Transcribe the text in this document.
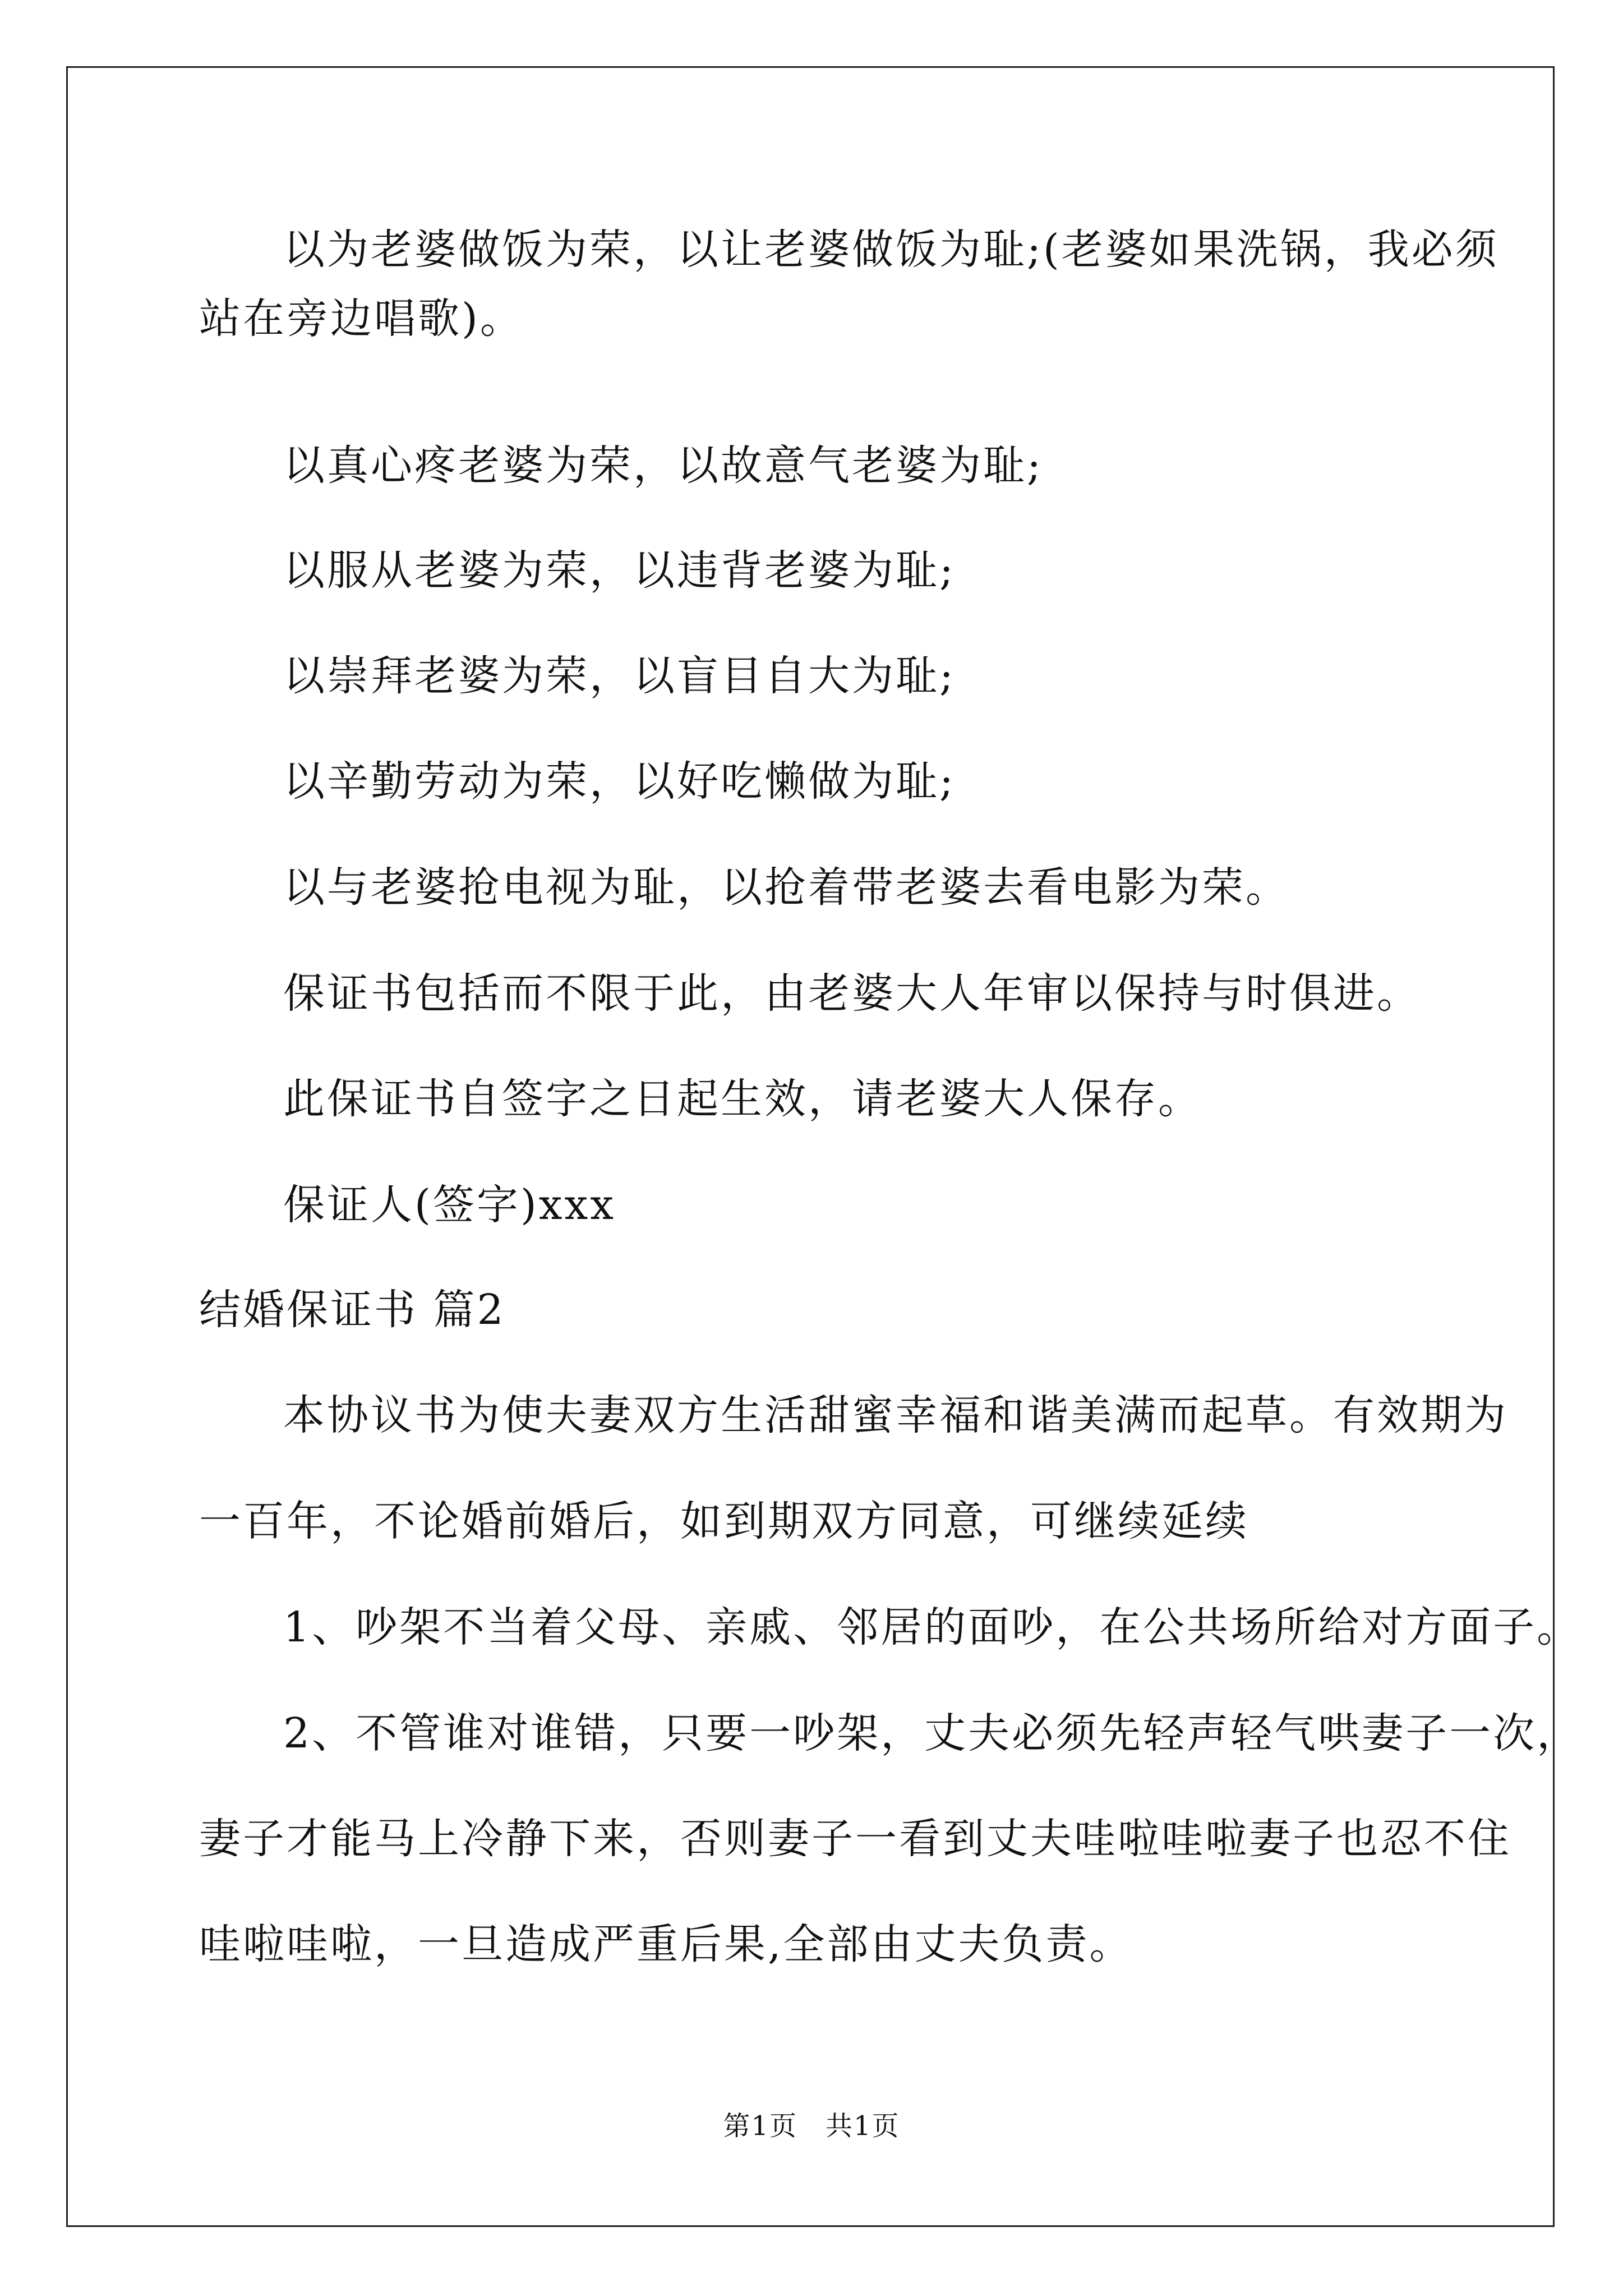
以为老婆做饭为荣，以让老婆做饭为耻;(老婆如果洗锅，我必须
站在旁边唱歌)。
以真心疼老婆为荣，以故意气老婆为耻;
以服从老婆为荣，以违背老婆为耻;
以崇拜老婆为荣，以盲目自大为耻;
以辛勤劳动为荣，以好吃懒做为耻;
以与老婆抢电视为耻，以抢着带老婆去看电影为荣。
保证书包括而不限于此，由老婆大人年审以保持与时俱进。
此保证书自签字之日起生效，请老婆大人保存。
保证人(签字)xxx
结婚保证书 篇2
本协议书为使夫妻双方生活甜蜜幸福和谐美满而起草。有效期为
一百年，不论婚前婚后，如到期双方同意，可继续延续
1、吵架不当着父母、亲戚、邻居的面吵，在公共场所给对方面子。
2、不管谁对谁错，只要一吵架，丈夫必须先轻声轻气哄妻子一次，
妻子才能马上冷静下来，否则妻子一看到丈夫哇啦哇啦妻子也忍不住
哇啦哇啦，一旦造成严重后果,全部由丈夫负责。
第1页　共1页
